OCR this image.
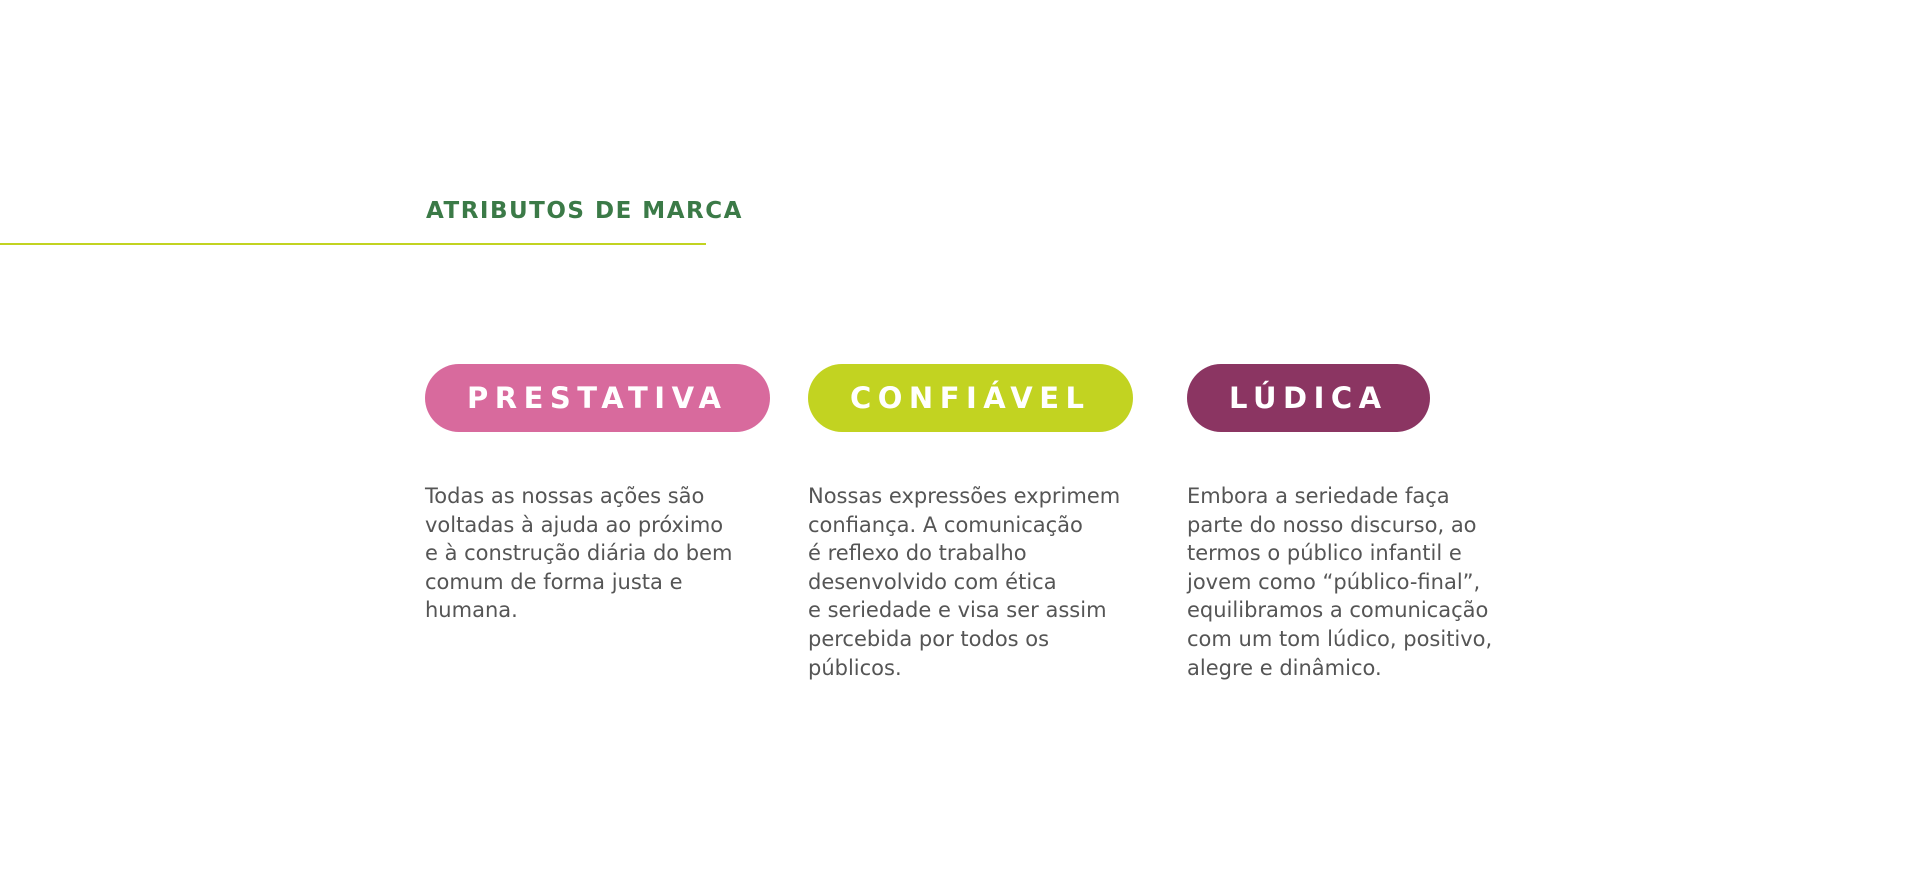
ATRIBUTOS DE MARCA
PRESTATIVA

Todas as nossas ações são
voltadas à ajuda ao próximo
e à construção diária do bem
comum de forma justa e
humana.

CONFIÁVEL

Nossas expressões exprimem
confiança. A comunicação
é reflexo do trabalho
desenvolvido com ética
e seriedade e visa ser assim
percebida por todos os
públicos.

LÚDICA

Embora a seriedade faça
parte do nosso discurso, ao
termos o público infantil e
jovem como “público-final”,
equilibramos a comunicação
com um tom lúdico, positivo,
alegre e dinâmico.
